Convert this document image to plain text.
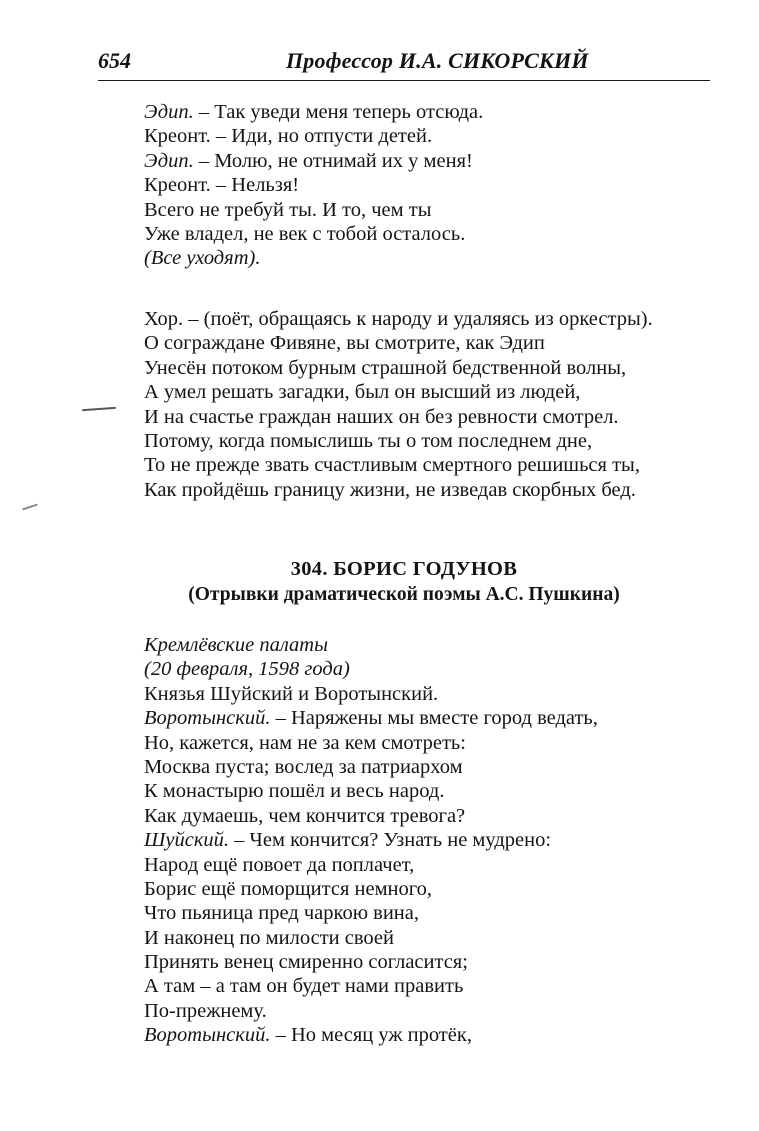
654	Профессор И.А. СИКОРСКИЙ
Эдип. – Так уведи меня теперь отсюда.
Креонт. – Иди, но отпусти детей.
Эдип. – Молю, не отнимай их у меня!
Креонт. – Нельзя!
Всего не требуй ты. И то, чем ты
Уже владел, не век с тобой осталось.
(Все уходят).
Хор. – (поёт, обращаясь к народу и удаляясь из оркестры).
О сограждане Фивяне, вы смотрите, как Эдип
Унесён потоком бурным страшной бедственной волны,
А умел решать загадки, был он высший из людей,
И на счастье граждан наших он без ревности смотрел.
Потому, когда помыслишь ты о том последнем дне,
То не прежде звать счастливым смертного решишься ты,
Как пройдёшь границу жизни, не изведав скорбных бед.
304. БОРИС ГОДУНОВ
(Отрывки драматической поэмы А.С. Пушкина)
Кремлёвские палаты
(20 февраля, 1598 года)
Князья Шуйский и Воротынский.
Воротынский. – Наряжены мы вместе город ведать,
Но, кажется, нам не за кем смотреть:
Москва пуста; вослед за патриархом
К монастырю пошёл и весь народ.
Как думаешь, чем кончится тревога?
Шуйский. – Чем кончится? Узнать не мудрено:
Народ ещё повоет да поплачет,
Борис ещё поморщится немного,
Что пьяница пред чаркою вина,
И наконец по милости своей
Принять венец смиренно согласится;
А там – а там он будет нами править
По-прежнему.
Воротынский. – Но месяц уж протёк,
